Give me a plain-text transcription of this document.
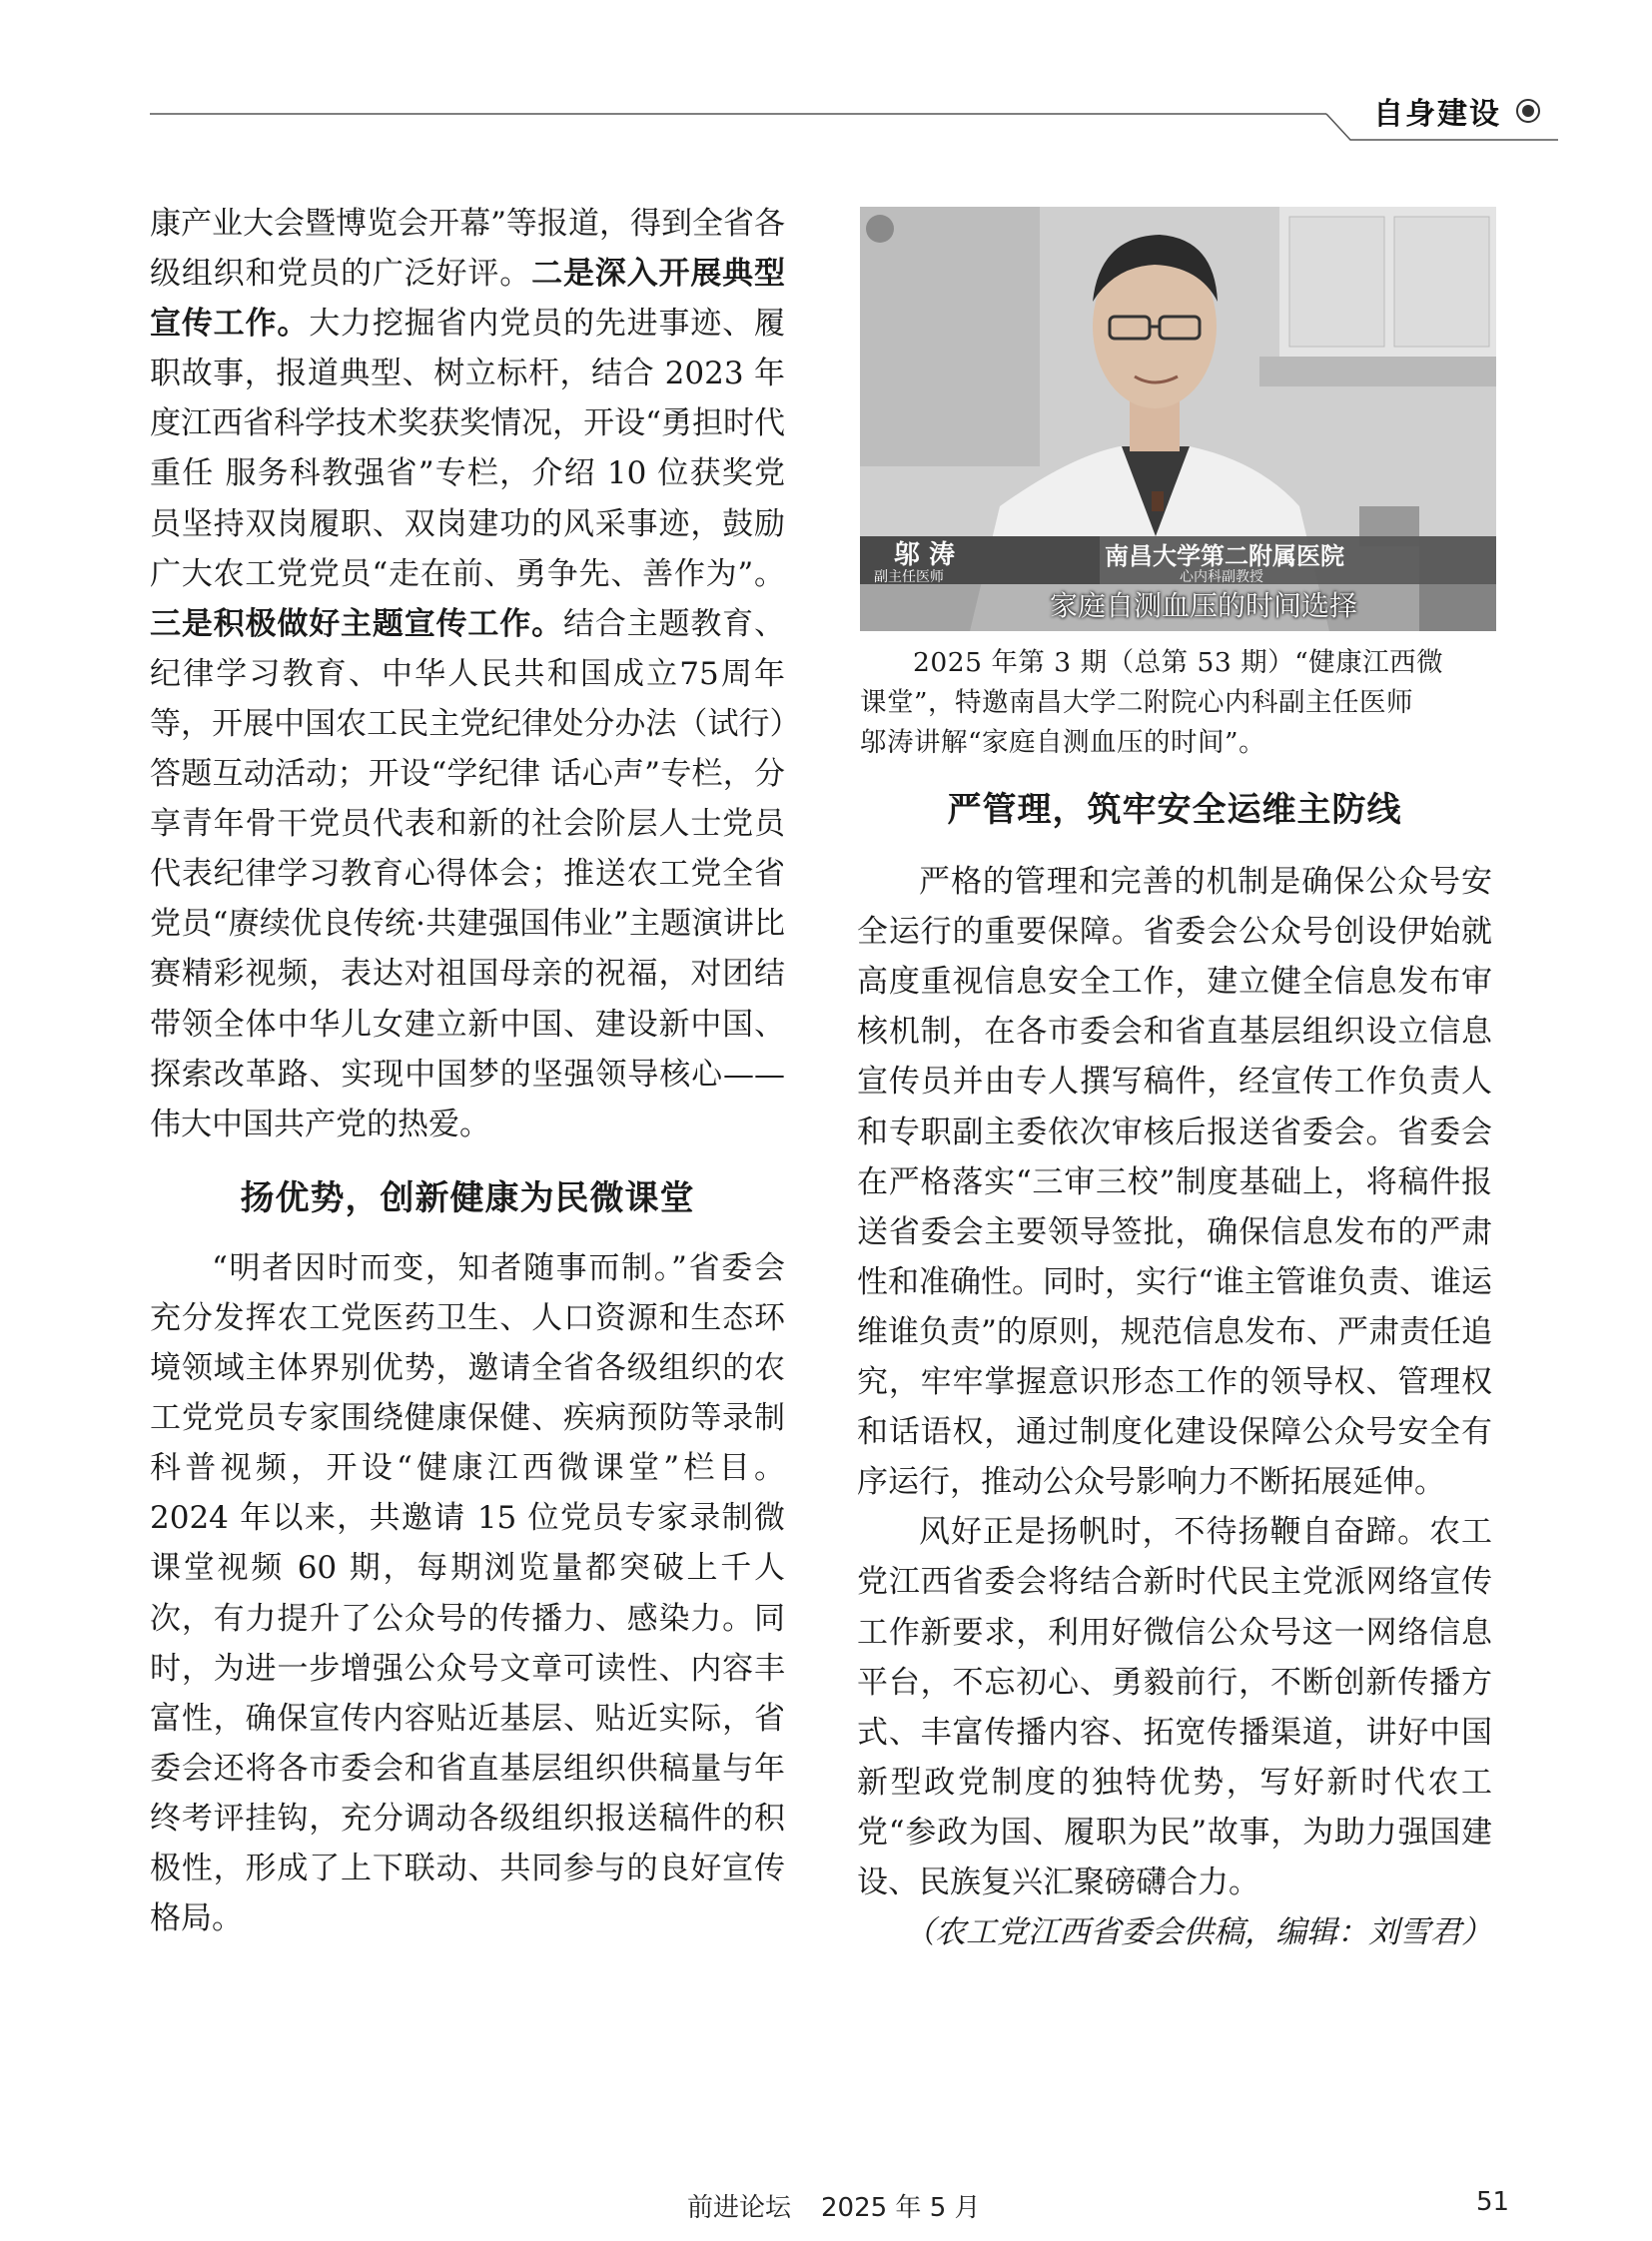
自身建设

康产业大会暨博览会开幕”等报道，得到全省各级组织和党员的广泛好评。二是深入开展典型宣传工作。大力挖掘省内党员的先进事迹、履职故事，报道典型、树立标杆，结合 2023 年度江西省科学技术奖获奖情况，开设“勇担时代重任 服务科教强省”专栏，介绍 10 位获奖党员坚持双岗履职、双岗建功的风采事迹，鼓励广大农工党党员“走在前、勇争先、善作为”。三是积极做好主题宣传工作。结合主题教育、纪律学习教育、中华人民共和国成立75周年等，开展中国农工民主党纪律处分办法（试行）答题互动活动；开设“学纪律 话心声”专栏，分享青年骨干党员代表和新的社会阶层人士党员代表纪律学习教育心得体会；推送农工党全省党员“赓续优良传统·共建强国伟业”主题演讲比赛精彩视频，表达对祖国母亲的祝福，对团结带领全体中华儿女建立新中国、建设新中国、探索改革路、实现中国梦的坚强领导核心——伟大中国共产党的热爱。

扬优势，创新健康为民微课堂

“明者因时而变，知者随事而制。”省委会充分发挥农工党医药卫生、人口资源和生态环境领域主体界别优势，邀请全省各级组织的农工党党员专家围绕健康保健、疾病预防等录制科普视频，开设“健康江西微课堂”栏目。2024 年以来，共邀请 15 位党员专家录制微课堂视频 60 期，每期浏览量都突破上千人次，有力提升了公众号的传播力、感染力。同时，为进一步增强公众号文章可读性、内容丰富性，确保宣传内容贴近基层、贴近实际，省委会还将各市委会和省直基层组织供稿量与年终考评挂钩，充分调动各级组织报送稿件的积极性，形成了上下联动、共同参与的良好宣传格局。

邬 涛
副主任医师
南昌大学第二附属医院
心内科副教授
家庭自测血压的时间选择
2025 年第 3 期（总第 53 期）“健康江西微
课堂”，特邀南昌大学二附院心内科副主任医师
邬涛讲解“家庭自测血压的时间”。
严管理，筑牢安全运维主防线

严格的管理和完善的机制是确保公众号安全运行的重要保障。省委会公众号创设伊始就高度重视信息安全工作，建立健全信息发布审核机制，在各市委会和省直基层组织设立信息宣传员并由专人撰写稿件，经宣传工作负责人和专职副主委依次审核后报送省委会。省委会在严格落实“三审三校”制度基础上，将稿件报送省委会主要领导签批，确保信息发布的严肃性和准确性。同时，实行“谁主管谁负责、谁运维谁负责”的原则，规范信息发布、严肃责任追究，牢牢掌握意识形态工作的领导权、管理权和话语权，通过制度化建设保障公众号安全有序运行，推动公众号影响力不断拓展延伸。

风好正是扬帆时，不待扬鞭自奋蹄。农工党江西省委会将结合新时代民主党派网络宣传工作新要求，利用好微信公众号这一网络信息平台，不忘初心、勇毅前行，不断创新传播方式、丰富传播内容、拓宽传播渠道，讲好中国新型政党制度的独特优势，写好新时代农工党“参政为国、履职为民”故事，为助力强国建设、民族复兴汇聚磅礴合力。

（农工党江西省委会供稿，编辑：刘雪君）

前进论坛 2025 年 5 月	51
